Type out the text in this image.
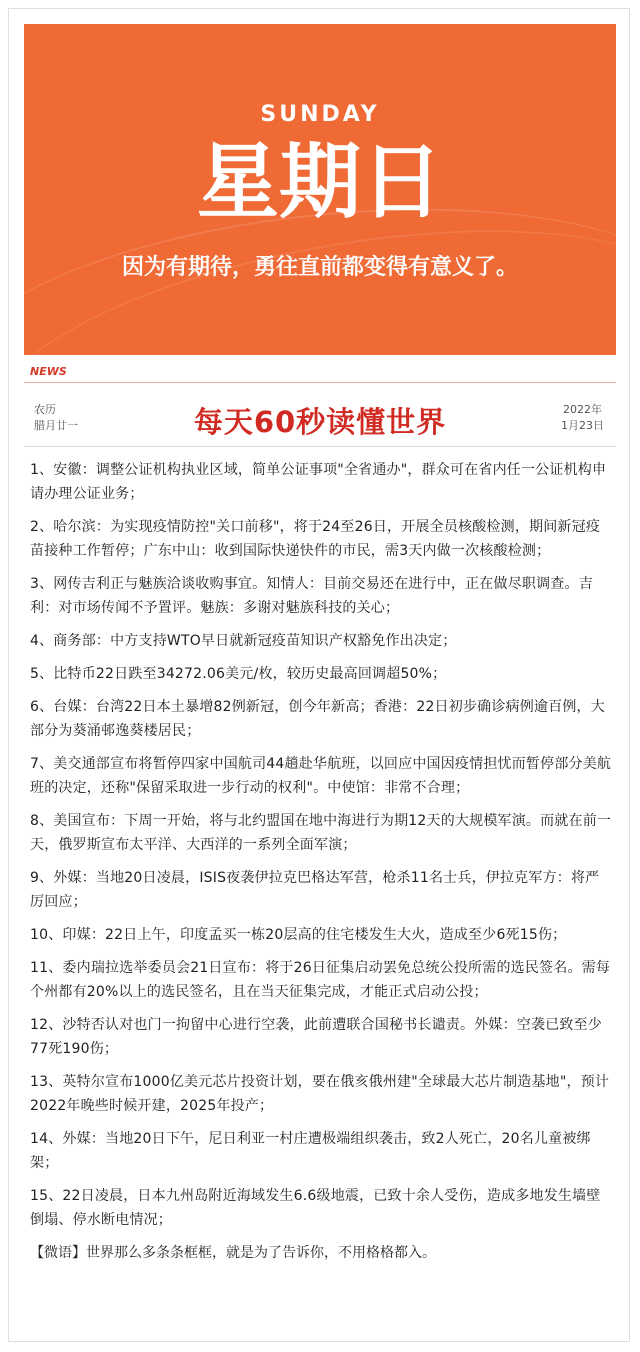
SUNDAY
星期日
因为有期待，勇往直前都变得有意义了。
NEWS
农历
腊月廿一	每天60秒读懂世界	2022年
1月23日

1、安徽：调整公证机构执业区域，简单公证事项"全省通办"，群众可在省内任一公证机构申请办理公证业务；

2、哈尔滨：为实现疫情防控"关口前移"，将于24至26日，开展全员核酸检测，期间新冠疫苗接种工作暂停；广东中山：收到国际快递快件的市民，需3天内做一次核酸检测；

3、网传吉利正与魅族洽谈收购事宜。知情人：目前交易还在进行中，正在做尽职调查。吉利：对市场传闻不予置评。魅族：多谢对魅族科技的关心；

4、商务部：中方支持WTO早日就新冠疫苗知识产权豁免作出决定；

5、比特币22日跌至34272.06美元/枚，较历史最高回调超50%；

6、台媒：台湾22日本土暴增82例新冠，创今年新高；香港：22日初步确诊病例逾百例，大部分为葵涌邨逸葵楼居民；

7、美交通部宣布将暂停四家中国航司44趟赴华航班，以回应中国因疫情担忧而暂停部分美航班的决定，还称"保留采取进一步行动的权利"。中使馆：非常不合理；

8、美国宣布：下周一开始，将与北约盟国在地中海进行为期12天的大规模军演。而就在前一天，俄罗斯宣布太平洋、大西洋的一系列全面军演；

9、外媒：当地20日凌晨，ISIS夜袭伊拉克巴格达军营，枪杀11名士兵，伊拉克军方：将严厉回应；

10、印媒：22日上午，印度孟买一栋20层高的住宅楼发生大火，造成至少6死15伤；

11、委内瑞拉选举委员会21日宣布：将于26日征集启动罢免总统公投所需的选民签名。需每个州都有20%以上的选民签名，且在当天征集完成，才能正式启动公投；

12、沙特否认对也门一拘留中心进行空袭，此前遭联合国秘书长谴责。外媒：空袭已致至少77死190伤；

13、英特尔宣布1000亿美元芯片投资计划，要在俄亥俄州建"全球最大芯片制造基地"，预计2022年晚些时候开建，2025年投产；

14、外媒：当地20日下午，尼日利亚一村庄遭极端组织袭击，致2人死亡，20名儿童被绑架；

15、22日凌晨，日本九州岛附近海域发生6.6级地震，已致十余人受伤，造成多地发生墙壁倒塌、停水断电情况；

【微语】世界那么多条条框框，就是为了告诉你，不用格格都入。
